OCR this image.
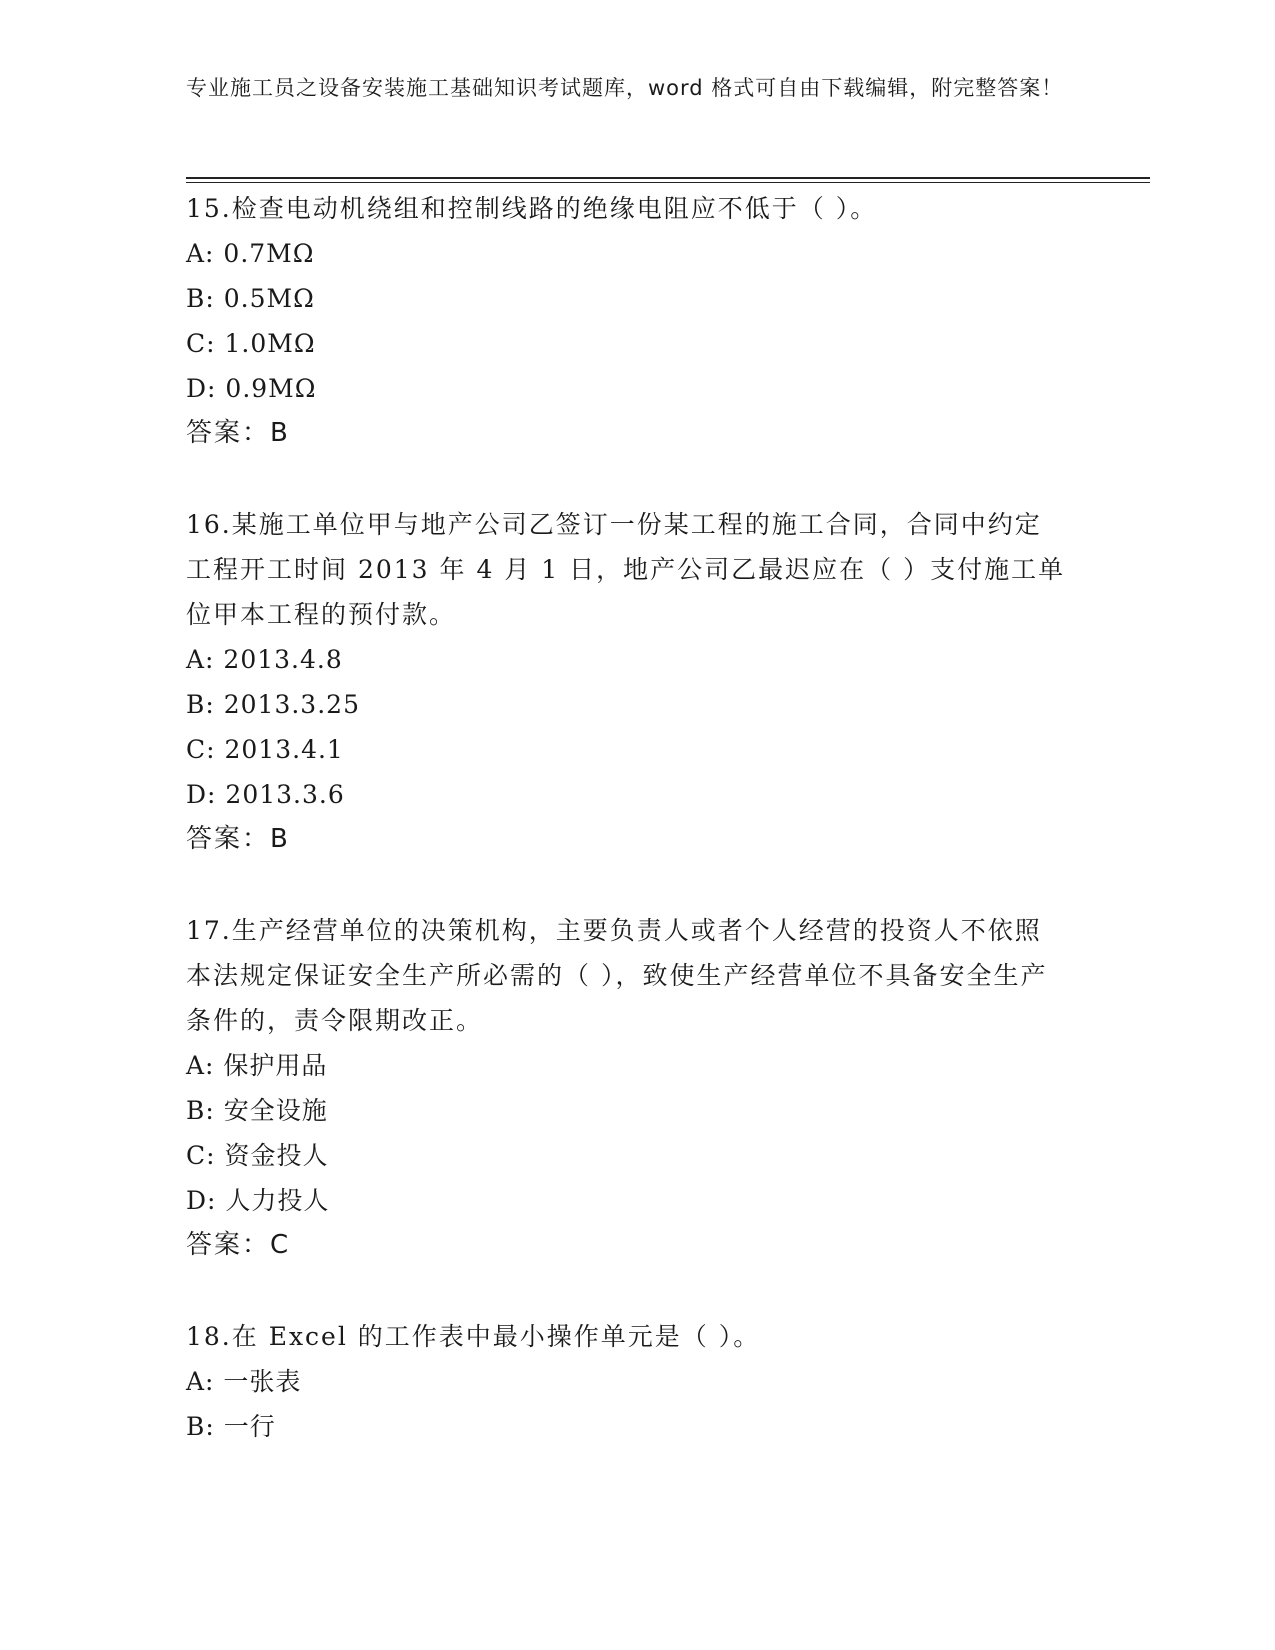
专业施工员之设备安装施工基础知识考试题库，word 格式可自由下载编辑，附完整答案！

15.检查电动机绕组和控制线路的绝缘电阻应不低于（ ）。

A: 0.7MΩ

B: 0.5MΩ

C: 1.0MΩ

D: 0.9MΩ

答案：B

16.某施工单位甲与地产公司乙签订一份某工程的施工合同，合同中约定工程开工时间 2013 年 4 月 1 日，地产公司乙最迟应在（ ）支付施工单位甲本工程的预付款。

A: 2013.4.8

B: 2013.3.25

C: 2013.4.1

D: 2013.3.6

答案：B

17.生产经营单位的决策机构，主要负责人或者个人经营的投资人不依照本法规定保证安全生产所必需的（ ），致使生产经营单位不具备安全生产条件的，责令限期改正。

A: 保护用品

B: 安全设施

C: 资金投人

D: 人力投人

答案：C

18.在 Excel 的工作表中最小操作单元是（ ）。

A: 一张表

B: 一行
